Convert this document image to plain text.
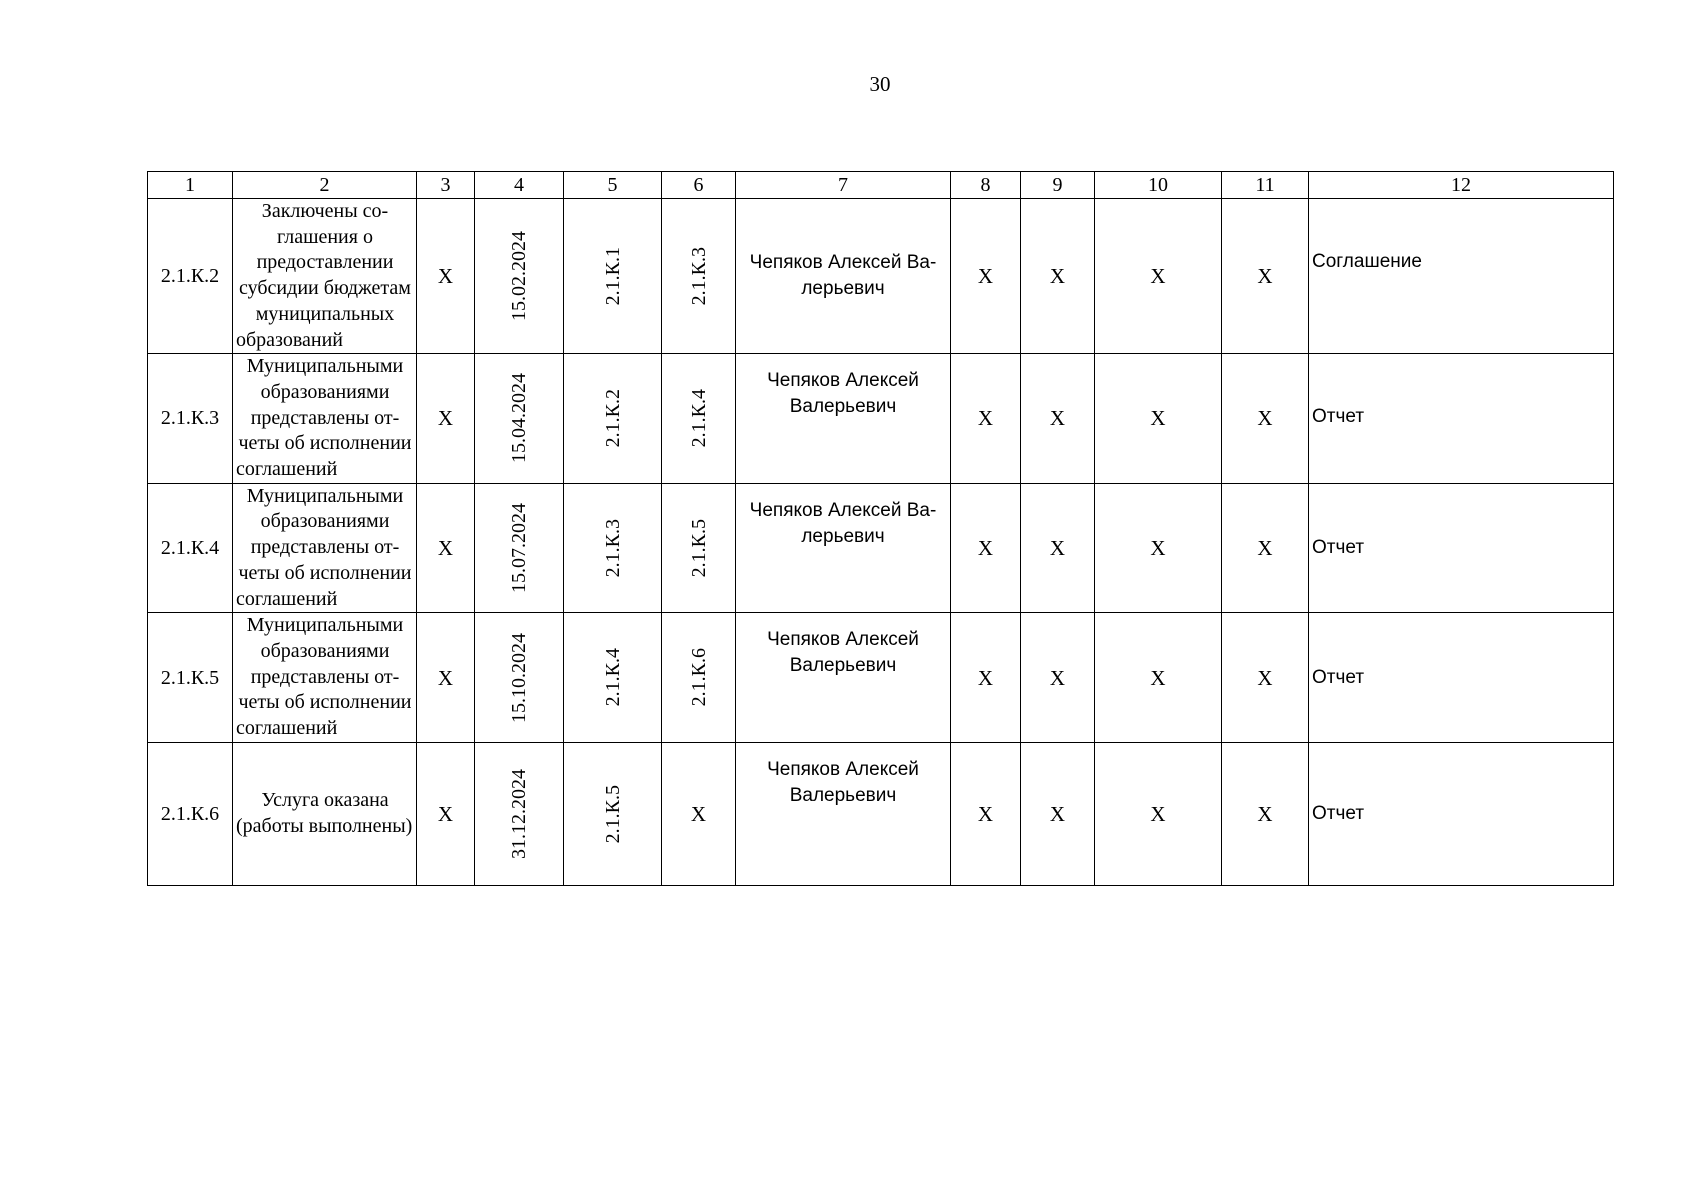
30
1	2	3	4	5	6	7	8	9	10	11	12
2.1.К.2	Заключены соглашения о предоставлении субсидии бюджетам муниципальных образований	X	15.02.2024	2.1.К.1	2.1.К.3	Чепяков Алексей Валерьевич	X	X	X	X	Соглашение
2.1.К.3	Муниципальными образованиями представлены отчеты об исполнении соглашений	X	15.04.2024	2.1.К.2	2.1.К.4	Чепяков Алексей Валерьевич	X	X	X	X	Отчет
2.1.К.4	Муниципальными образованиями представлены отчеты об исполнении соглашений	X	15.07.2024	2.1.К.3	2.1.К.5	Чепяков Алексей Валерьевич	X	X	X	X	Отчет
2.1.К.5	Муниципальными образованиями представлены отчеты об исполнении соглашений	X	15.10.2024	2.1.К.4	2.1.К.6	Чепяков Алексей Валерьевич	X	X	X	X	Отчет
2.1.К.6	Услуга оказана (работы выполнены)	X	31.12.2024	2.1.К.5	X	Чепяков Алексей Валерьевич	X	X	X	X	Отчет
